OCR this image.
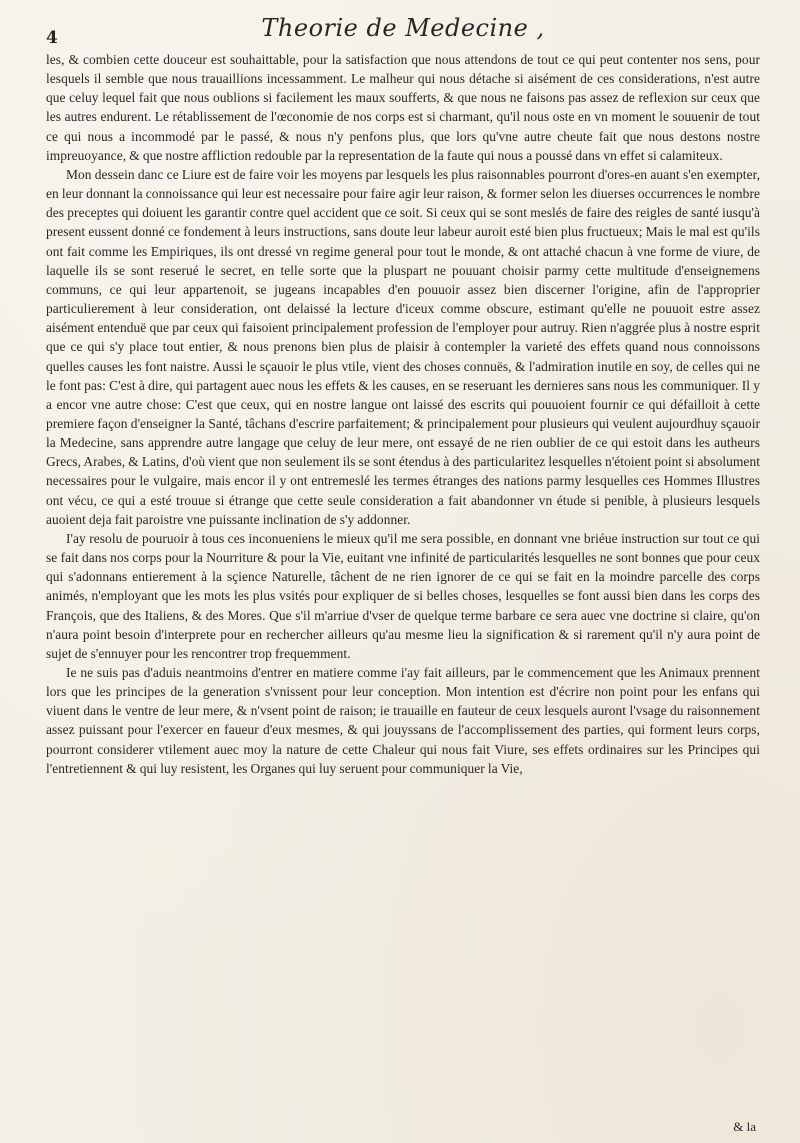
4	Theorie de Medecine ,

les, & combien cette douceur est souhaittable, pour la satisfaction que nous attendons de tout ce qui peut contenter nos sens, pour lesquels il semble que nous trauaillions incessamment. Le malheur qui nous détache si aisément de ces considerations, n'est autre que celuy lequel fait que nous oublions si facilement les maux soufferts, & que nous ne faisons pas assez de reflexion sur ceux que les autres endurent. Le rétablissement de l'œconomie de nos corps est si charmant, qu'il nous oste en vn moment le souuenir de tout ce qui nous a incommodé par le passé, & nous n'y penfons plus, que lors qu'vne autre cheute fait que nous destons nostre impreuoyance, & que nostre affliction redouble par la representation de la faute qui nous a poussé dans vn effet si calamiteux.

Mon dessein danc ce Liure est de faire voir les moyens par lesquels les plus raisonnables pourront d'ores-en auant s'en exempter, en leur donnant la connoissance qui leur est necessaire pour faire agir leur raison, & former selon les diuerses occurrences le nombre des preceptes qui doiuent les garantir contre quel accident que ce soit. Si ceux qui se sont meslés de faire des reigles de santé iusqu'à present eussent donné ce fondement à leurs instructions, sans doute leur labeur auroit esté bien plus fructueux; Mais le mal est qu'ils ont fait comme les Empiriques, ils ont dressé vn regime general pour tout le monde, & ont attaché chacun à vne forme de viure, de laquelle ils se sont reserué le secret, en telle sorte que la pluspart ne pouuant choisir parmy cette multitude d'enseignemens communs, ce qui leur appartenoit, se jugeans incapables d'en pouuoir assez bien discerner l'origine, afin de l'approprier particulierement à leur consideration, ont delaissé la lecture d'iceux comme obscure, estimant qu'elle ne pouuoit estre assez aisément entenduë que par ceux qui faisoient principalement profession de l'employer pour autruy. Rien n'aggrée plus à nostre esprit que ce qui s'y place tout entier, & nous prenons bien plus de plaisir à contempler la varieté des effets quand nous connoissons quelles causes les font naistre. Aussi le sçauoir le plus vtile, vient des choses connuës, & l'admiration inutile en soy, de celles qui ne le font pas: C'est à dire, qui partagent auec nous les effets & les causes, en se reseruant les dernieres sans nous les communiquer. Il y a encor vne autre chose: C'est que ceux, qui en nostre langue ont laissé des escrits qui pouuoient fournir ce qui défailloit à cette premiere façon d'enseigner la Santé, tâchans d'escrire parfaitement; & principalement pour plusieurs qui veulent aujourdhuy sçauoir la Medecine, sans apprendre autre langage que celuy de leur mere, ont essayé de ne rien oublier de ce qui estoit dans les autheurs Grecs, Arabes, & Latins, d'où vient que non seulement ils se sont étendus à des particularitez lesquelles n'étoient point si absolument necessaires pour le vulgaire, mais encor il y ont entremeslé les termes étranges des nations parmy lesquelles ces Hommes Illustres ont vécu, ce qui a esté trouue si étrange que cette seule consideration a fait abandonner vn étude si penible, à plusieurs lesquels auoient deja fait paroistre vne puissante inclination de s'y addonner.

I'ay resolu de pouruoir à tous ces inconueniens le mieux qu'il me sera possible, en donnant vne briéue instruction sur tout ce qui se fait dans nos corps pour la Nourriture & pour la Vie, euitant vne infinité de particularités lesquelles ne sont bonnes que pour ceux qui s'adonnans entierement à la sçience Naturelle, tâchent de ne rien ignorer de ce qui se fait en la moindre parcelle des corps animés, n'employant que les mots les plus vsités pour expliquer de si belles choses, lesquelles se font aussi bien dans les corps des François, que des Italiens, & des Mores. Que s'il m'arriue d'vser de quelque terme barbare ce sera auec vne doctrine si claire, qu'on n'aura point besoin d'interprete pour en rechercher ailleurs qu'au mesme lieu la signification & si rarement qu'il n'y aura point de sujet de s'ennuyer pour les rencontrer trop frequemment.

Ie ne suis pas d'aduis neantmoins d'entrer en matiere comme i'ay fait ailleurs, par le commencement que les Animaux prennent lors que les principes de la generation s'vnissent pour leur conception. Mon intention est d'écrire non point pour les enfans qui viuent dans le ventre de leur mere, & n'vsent point de raison; ie trauaille en fauteur de ceux lesquels auront l'vsage du raisonnement assez puissant pour l'exercer en faueur d'eux mesmes, & qui jouyssans de l'accomplissement des parties, qui forment leurs corps, pourront considerer vtilement auec moy la nature de cette Chaleur qui nous fait Viure, ses effets ordinaires sur les Principes qui l'entretiennent & qui luy resistent, les Organes qui luy seruent pour communiquer la Vie,

& la
